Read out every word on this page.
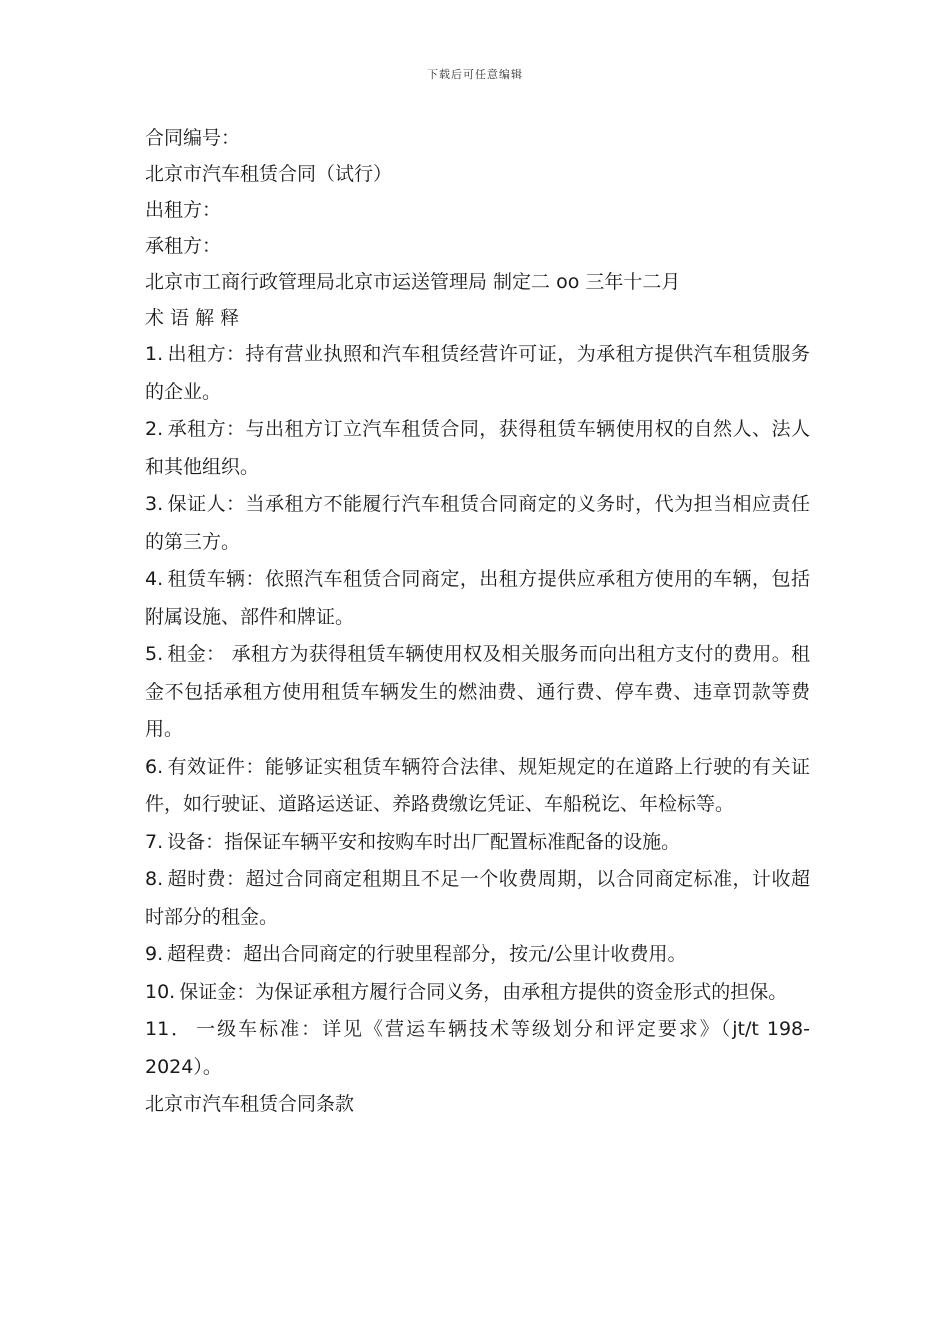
下载后可任意编辑

合同编号：

北京市汽车租赁合同（试行）

出租方：

承租方：

北京市工商行政管理局北京市运送管理局 制定二 oo 三年十二月

术 语 解 释

1. 出租方：持有营业执照和汽车租赁经营许可证，为承租方提供汽车租赁服务的企业。

2. 承租方：与出租方订立汽车租赁合同，获得租赁车辆使用权的自然人、法人和其他组织。

3. 保证人：当承租方不能履行汽车租赁合同商定的义务时，代为担当相应责任的第三方。

4. 租赁车辆：依照汽车租赁合同商定，出租方提供应承租方使用的车辆，包括附属设施、部件和牌证。

5. 租金： 承租方为获得租赁车辆使用权及相关服务而向出租方支付的费用。租金不包括承租方使用租赁车辆发生的燃油费、通行费、停车费、违章罚款等费用。

6. 有效证件：能够证实租赁车辆符合法律、规矩规定的在道路上行驶的有关证件，如行驶证、道路运送证、养路费缴讫凭证、车船税讫、年检标等。

7. 设备：指保证车辆平安和按购车时出厂配置标准配备的设施。

8. 超时费：超过合同商定租期且不足一个收费周期，以合同商定标准，计收超时部分的租金。

9. 超程费：超出合同商定的行驶里程部分，按元/公里计收费用。

10. 保证金：为保证承租方履行合同义务，由承租方提供的资金形式的担保。

11． 一级车标准：详见《营运车辆技术等级划分和评定要求》（jt/t 198-2024）。

北京市汽车租赁合同条款
